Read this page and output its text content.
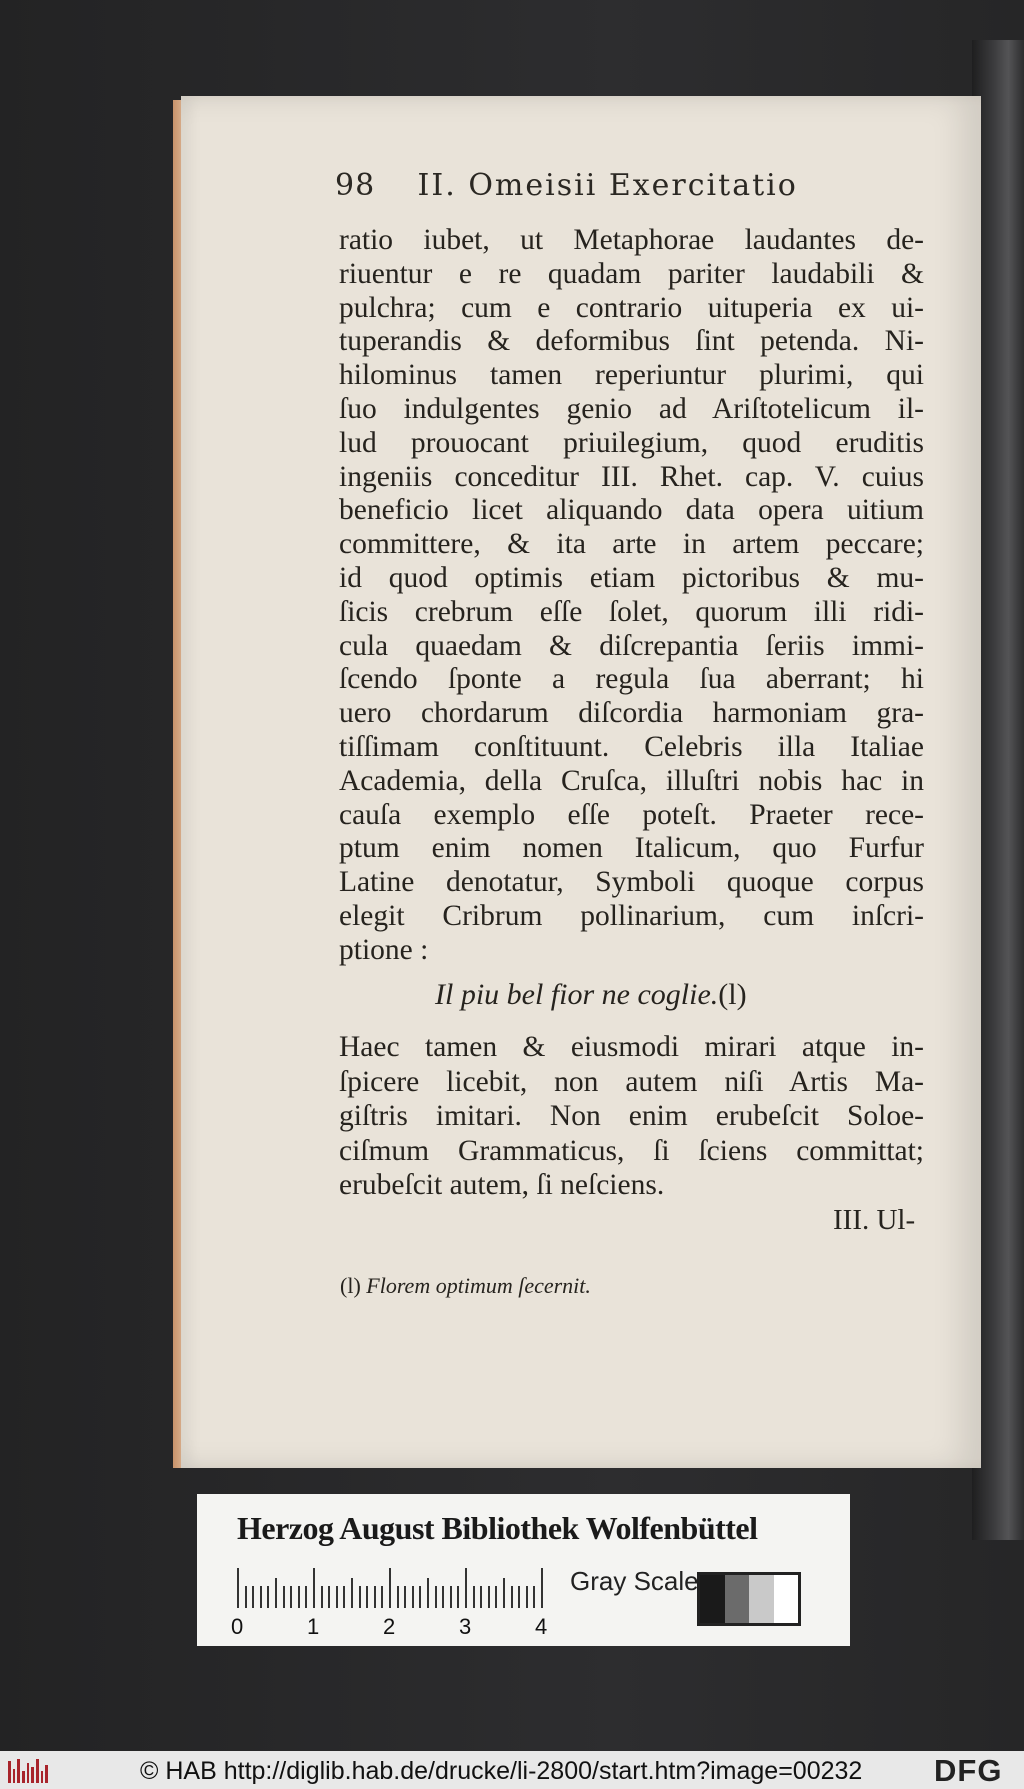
98 II. Omeisii Exercitatio
ratio iubet, ut Metaphorae laudantes de-
riuentur e re quadam pariter laudabili &
pulchra; cum e contrario uituperia ex ui-
tuperandis & deformibus ſint petenda. Ni-
hilominus tamen reperiuntur plurimi, qui
ſuo indulgentes genio ad Ariſtotelicum il-
lud prouocant priuilegium, quod eruditis
ingeniis conceditur III. Rhet. cap. V. cuius
beneficio licet aliquando data opera uitium
committere, & ita arte in artem peccare;
id quod optimis etiam pictoribus & mu-
ſicis crebrum eſſe ſolet, quorum illi ridi-
cula quaedam & diſcrepantia ſeriis immi-
ſcendo ſponte a regula ſua aberrant; hi
uero chordarum diſcordia harmoniam gra-
tiſſimam conſtituunt. Celebris illa Italiae
Academia, della Cruſca, illuſtri nobis hac in
cauſa exemplo eſſe poteſt. Praeter rece-
ptum enim nomen Italicum, quo Furfur
Latine denotatur, Symboli quoque corpus
elegit Cribrum pollinarium, cum inſcri-
ptione :
Il piu bel fior ne coglie.(l)
Haec tamen & eiusmodi mirari atque in-
ſpicere licebit, non autem niſi Artis Ma-
giſtris imitari. Non enim erubeſcit Soloe-
ciſmum Grammaticus, ſi ſciens committat;
erubeſcit autem, ſi neſciens.
III. Ul-
(l) Florem optimum ſecernit.
Herzog August Bibliothek Wolfenbüttel
0	1	2	3	4
Gray Scale
© HAB http://diglib.hab.de/drucke/li-2800/start.htm?image=00232 DFG
